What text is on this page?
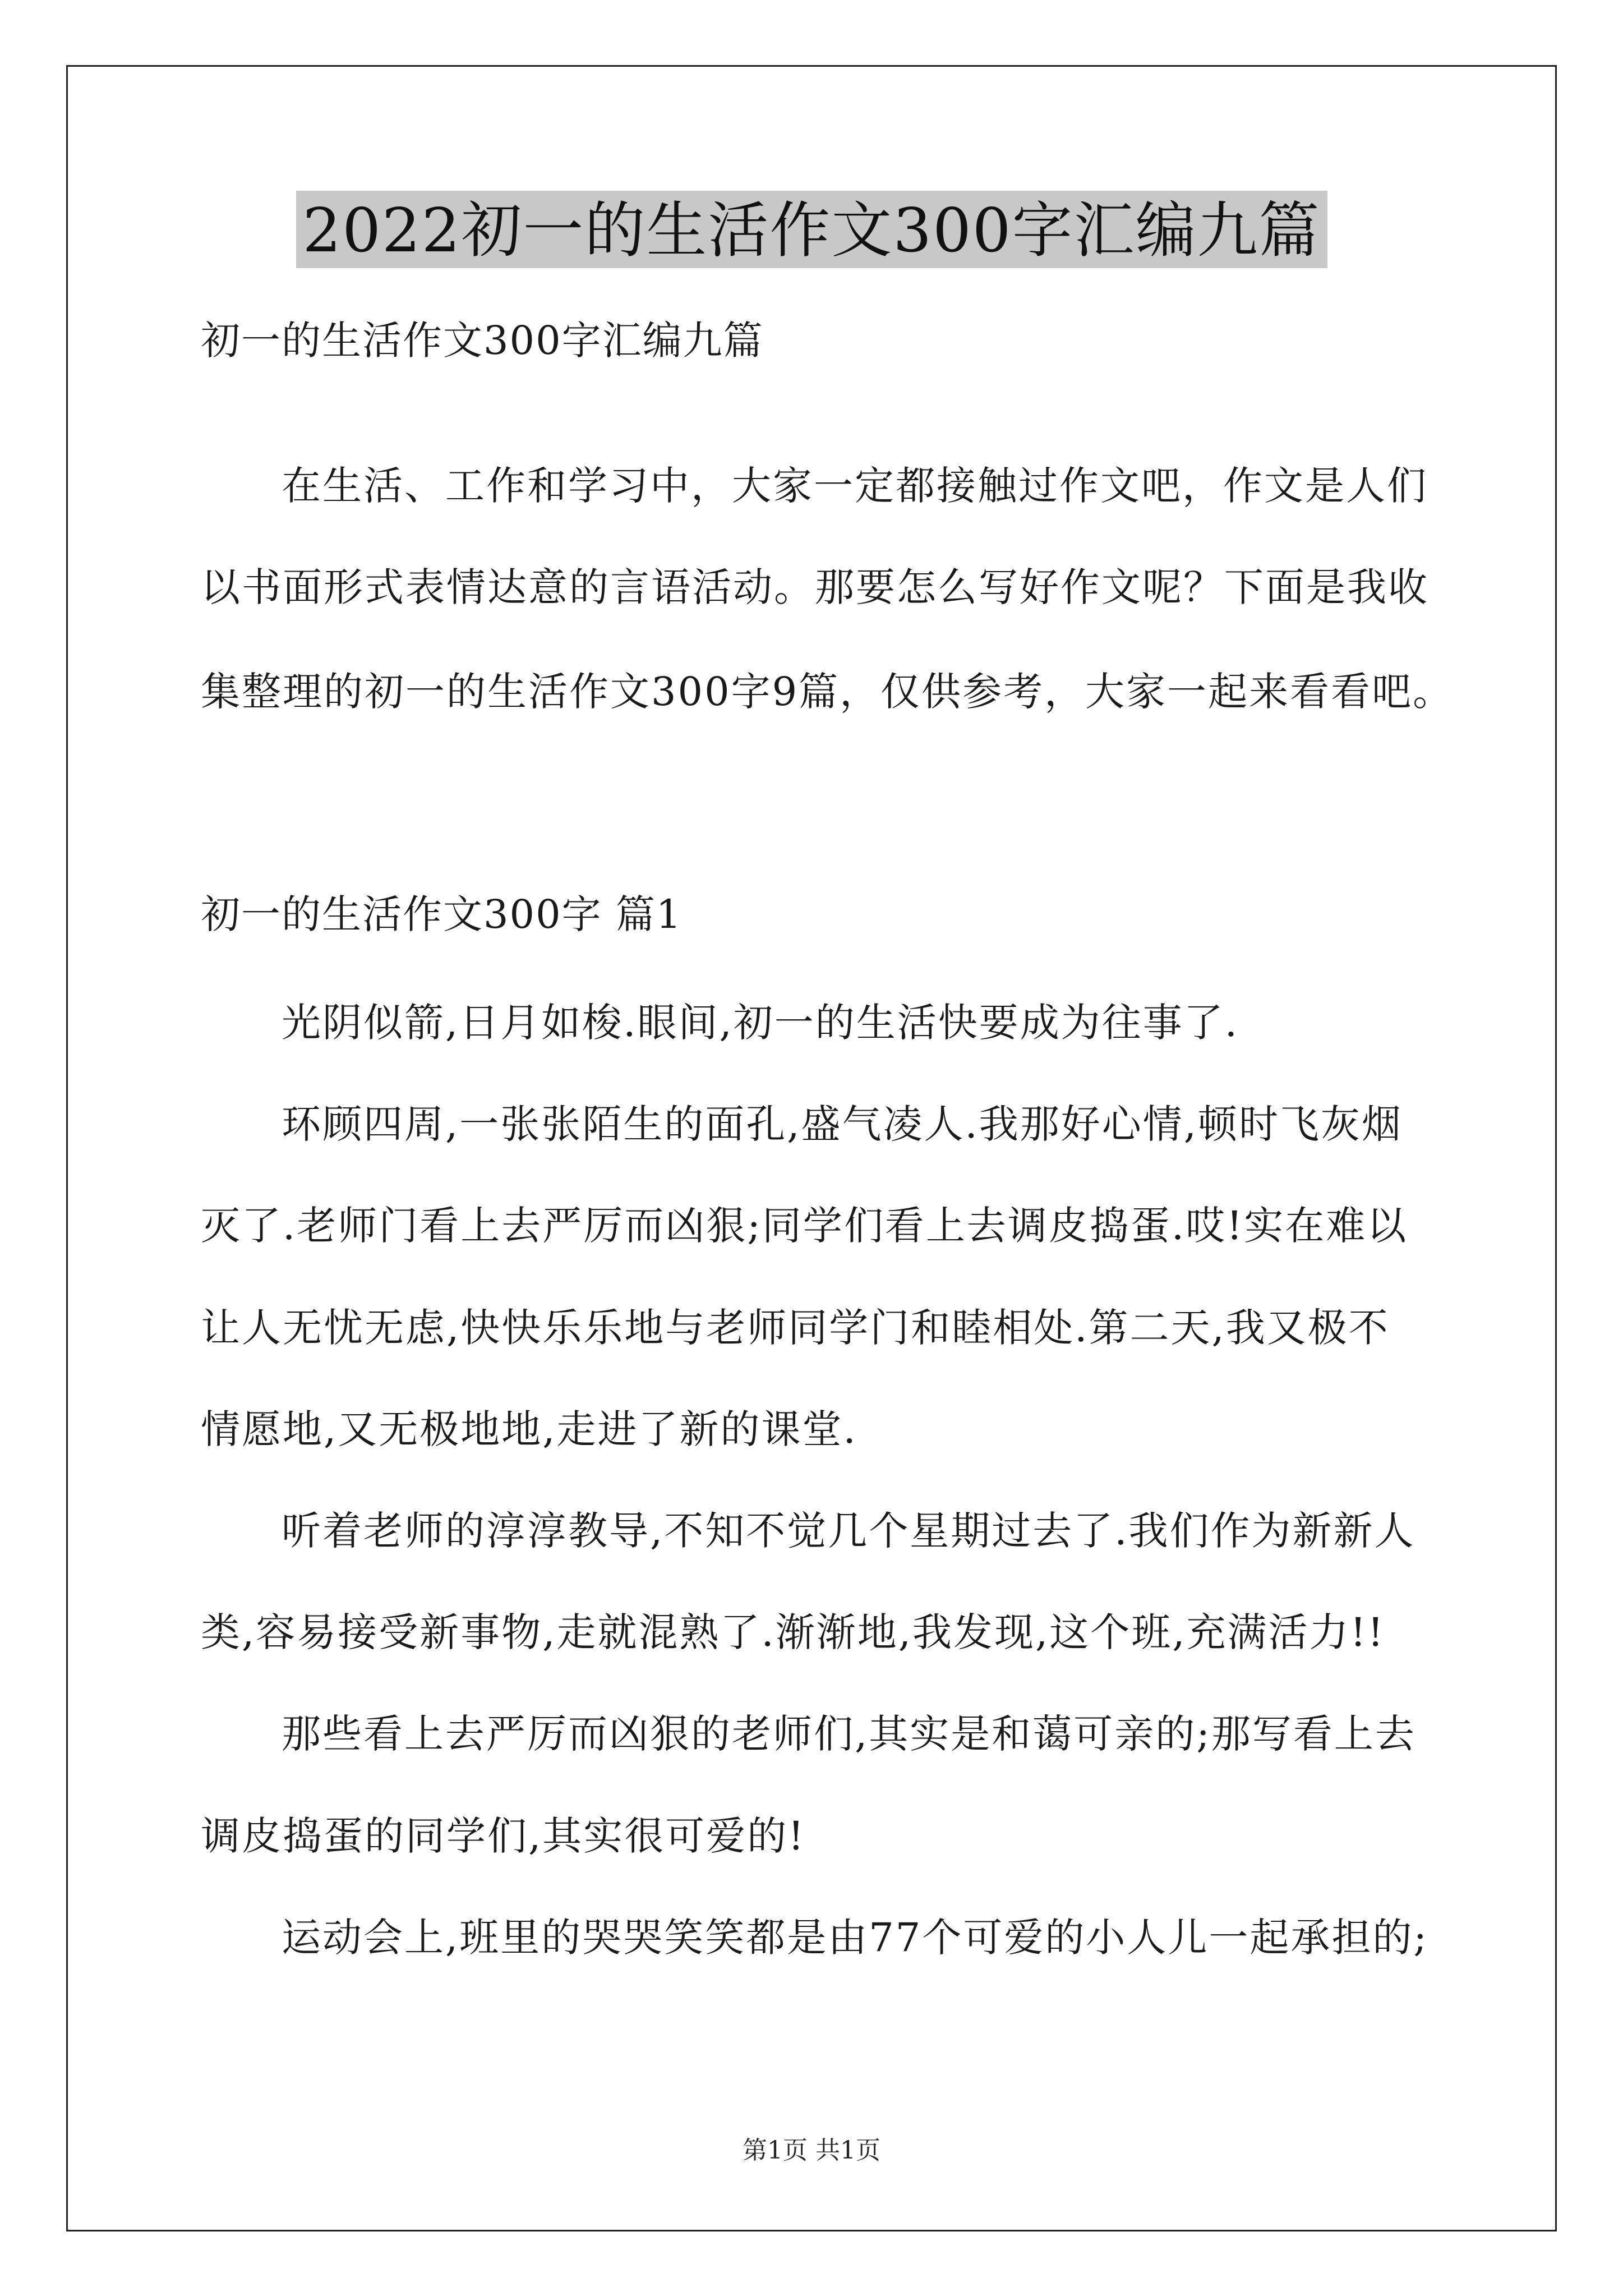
2022初一的生活作文300字汇编九篇

初一的生活作文300字汇编九篇

在生活、工作和学习中，大家一定都接触过作文吧，作文是人们

以书面形式表情达意的言语活动。那要怎么写好作文呢？下面是我收

集整理的初一的生活作文300字9篇，仅供参考，大家一起来看看吧。

初一的生活作文300字 篇1

光阴似箭,日月如梭.眼间,初一的生活快要成为往事了.

环顾四周,一张张陌生的面孔,盛气凌人.我那好心情,顿时飞灰烟

灭了.老师门看上去严厉而凶狠;同学们看上去调皮捣蛋.哎!实在难以

让人无忧无虑,快快乐乐地与老师同学门和睦相处.第二天,我又极不

情愿地,又无极地地,走进了新的课堂.

听着老师的淳淳教导,不知不觉几个星期过去了.我们作为新新人

类,容易接受新事物,走就混熟了.渐渐地,我发现,这个班,充满活力!!

那些看上去严厉而凶狠的老师们,其实是和蔼可亲的;那写看上去

调皮捣蛋的同学们,其实很可爱的!

运动会上,班里的哭哭笑笑都是由77个可爱的小人儿一起承担的;

第1页 共1页
